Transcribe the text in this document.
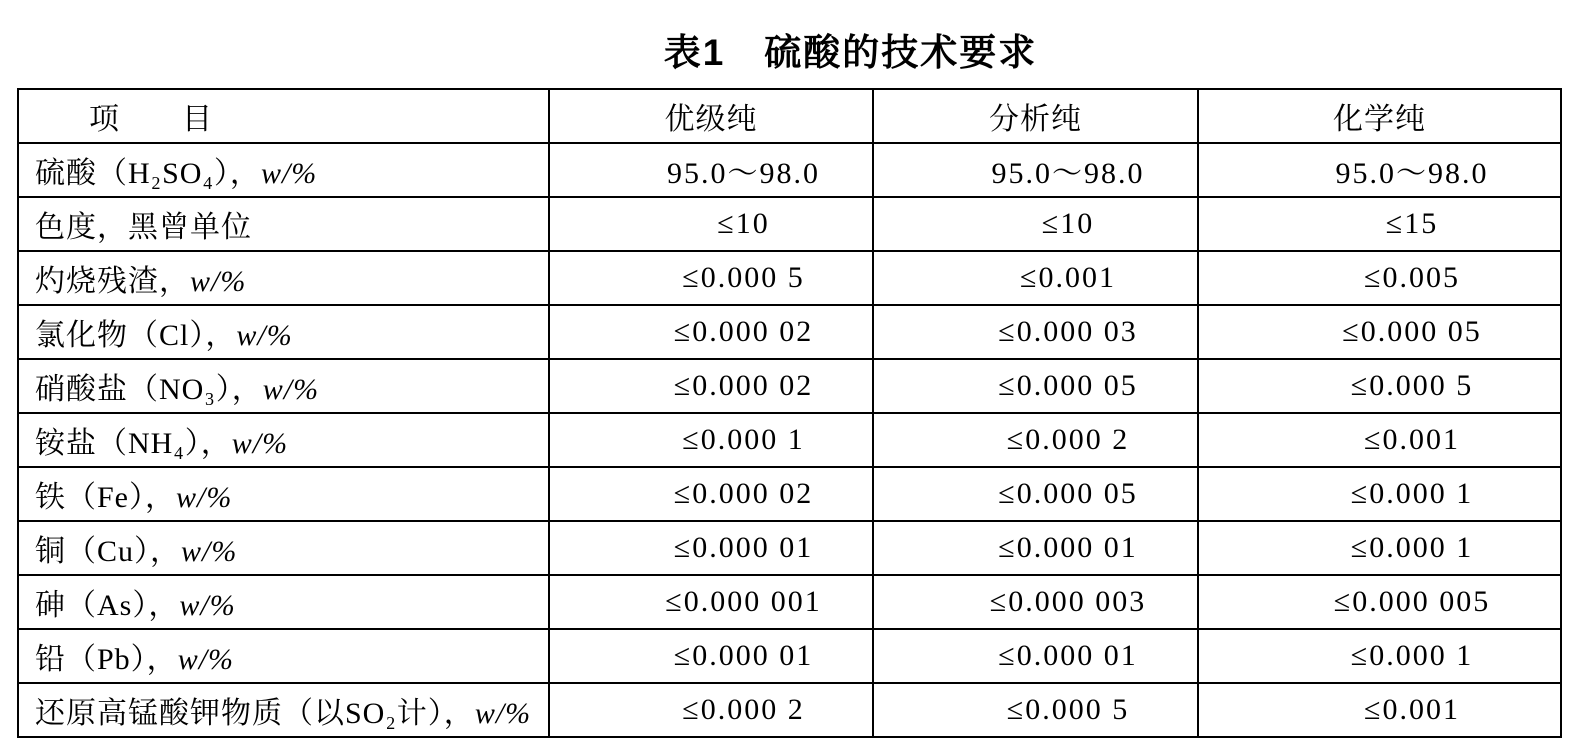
表1　硫酸的技术要求
项　　目	优级纯	分析纯	化学纯
硫酸（H₂SO₄），w/%	95.0～98.0	95.0～98.0	95.0～98.0
色度，黑曾单位	≤10	≤10	≤15
灼烧残渣，w/%	≤0.000 5	≤0.001	≤0.005
氯化物（Cl），w/%	≤0.000 02	≤0.000 03	≤0.000 05
硝酸盐（NO₃），w/%	≤0.000 02	≤0.000 05	≤0.000 5
铵盐（NH₄），w/%	≤0.000 1	≤0.000 2	≤0.001
铁（Fe），w/%	≤0.000 02	≤0.000 05	≤0.000 1
铜（Cu），w/%	≤0.000 01	≤0.000 01	≤0.000 1
砷（As），w/%	≤0.000 001	≤0.000 003	≤0.000 005
铅（Pb），w/%	≤0.000 01	≤0.000 01	≤0.000 1
还原高锰酸钾物质（以SO₂计），w/%	≤0.000 2	≤0.000 5	≤0.001
